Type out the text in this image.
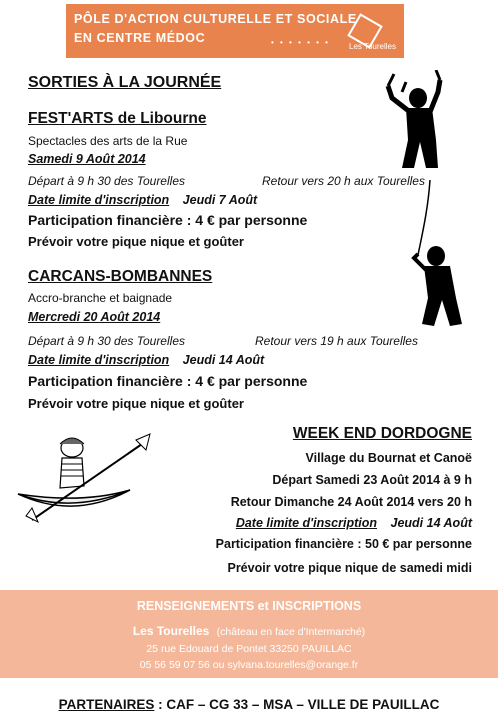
PÔLE D'ACTION CULTURELLE ET SOCIALE
EN CENTRE MÉDOC	• • • • • • • Les Tourelles
SORTIES À LA JOURNÉE
FEST'ARTS de Libourne
Spectacles des arts de la Rue
Samedi 9 Août 2014
Départ à 9 h 30 des Tourelles	Retour vers 20 h aux Tourelles
Date limite d'inscription Jeudi 7 Août
Participation financière : 4 € par personne
Prévoir votre pique nique et goûter
CARCANS-BOMBANNES
Accro-branche et baignade
Mercredi 20 Août 2014
Départ à 9 h 30 des Tourelles	Retour vers 19 h aux Tourelles
Date limite d'inscription Jeudi 14 Août
Participation financière : 4 € par personne
Prévoir votre pique nique et goûter
WEEK END DORDOGNE
Village du Bournat et Canoë
Départ Samedi 23 Août 2014 à 9 h
Retour Dimanche 24 Août 2014 vers 20 h
Date limite d'inscription Jeudi 14 Août
Participation financière : 50 € par personne
Prévoir votre pique nique de samedi midi
RENSEIGNEMENTS et INSCRIPTIONS
Les Tourelles (château en face d'Intermarché)
25 rue Edouard de Pontet 33250 PAUILLAC
05 56 59 07 56 ou sylvana.tourelles@orange.fr
PARTENAIRES : CAF – CG 33 – MSA – VILLE DE PAUILLAC
